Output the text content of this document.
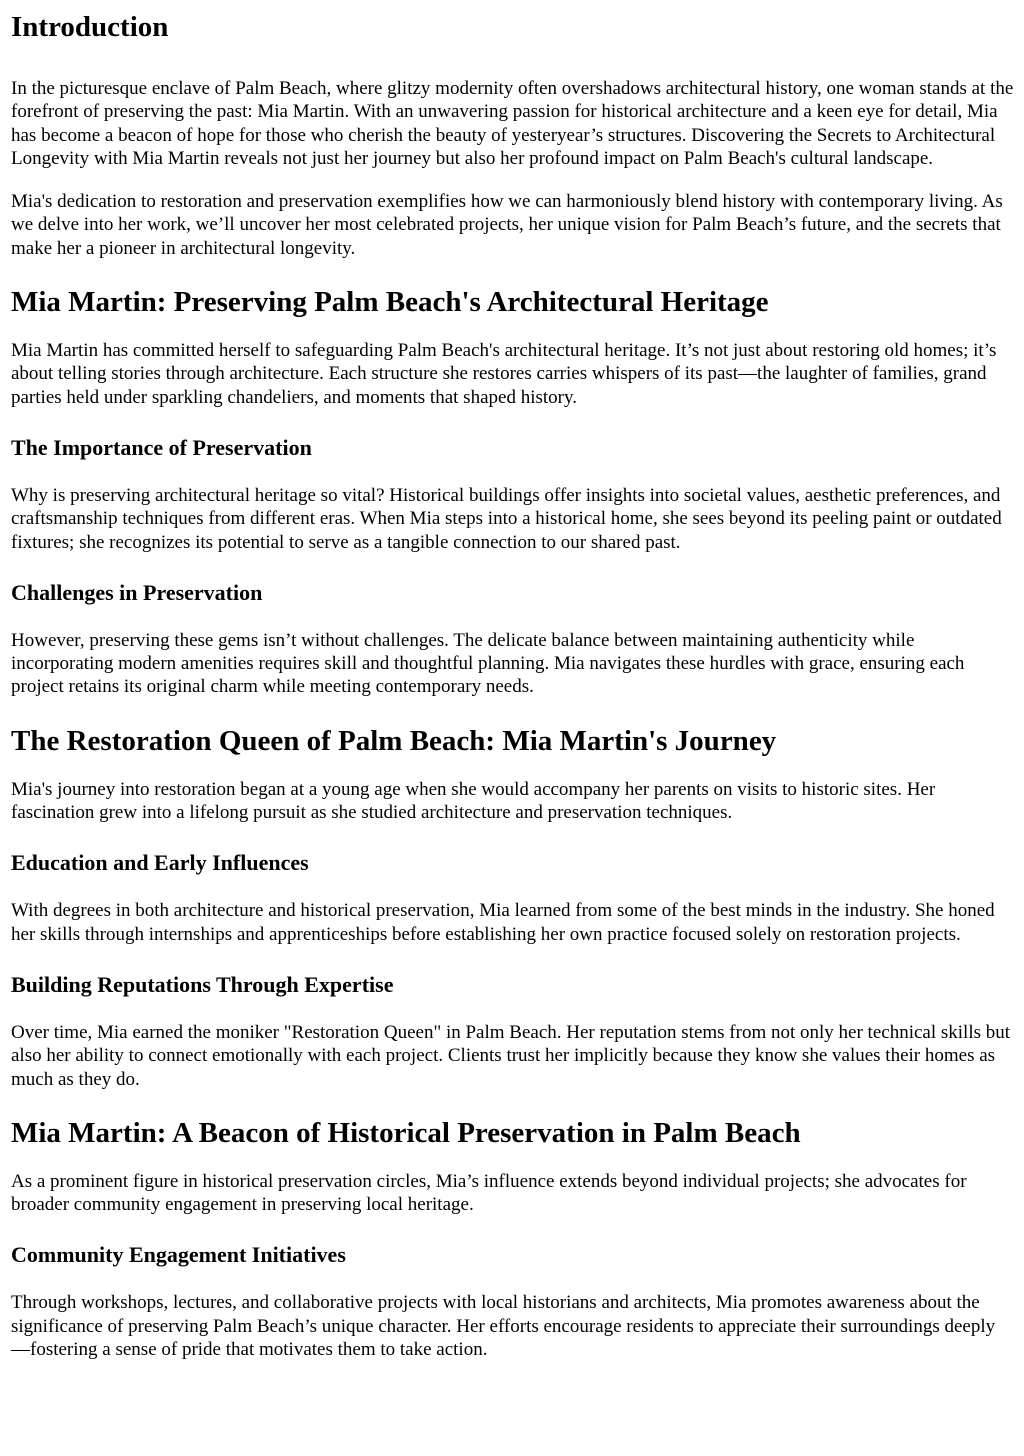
Introduction

In the picturesque enclave of Palm Beach, where glitzy modernity often overshadows architectural history, one woman stands at the forefront of preserving the past: Mia Martin. With an unwavering passion for historical architecture and a keen eye for detail, Mia has become a beacon of hope for those who cherish the beauty of yesteryear’s structures. Discovering the Secrets to Architectural Longevity with Mia Martin reveals not just her journey but also her profound impact on Palm Beach's cultural landscape.

Mia's dedication to restoration and preservation exemplifies how we can harmoniously blend history with contemporary living. As we delve into her work, we’ll uncover her most celebrated projects, her unique vision for Palm Beach’s future, and the secrets that make her a pioneer in architectural longevity.

Mia Martin: Preserving Palm Beach's Architectural Heritage

Mia Martin has committed herself to safeguarding Palm Beach's architectural heritage. It’s not just about restoring old homes; it’s about telling stories through architecture. Each structure she restores carries whispers of its past—the laughter of families, grand parties held under sparkling chandeliers, and moments that shaped history.

The Importance of Preservation

Why is preserving architectural heritage so vital? Historical buildings offer insights into societal values, aesthetic preferences, and craftsmanship techniques from different eras. When Mia steps into a historical home, she sees beyond its peeling paint or outdated fixtures; she recognizes its potential to serve as a tangible connection to our shared past.

Challenges in Preservation

However, preserving these gems isn’t without challenges. The delicate balance between maintaining authenticity while incorporating modern amenities requires skill and thoughtful planning. Mia navigates these hurdles with grace, ensuring each project retains its original charm while meeting contemporary needs.

The Restoration Queen of Palm Beach: Mia Martin's Journey

Mia's journey into restoration began at a young age when she would accompany her parents on visits to historic sites. Her fascination grew into a lifelong pursuit as she studied architecture and preservation techniques.

Education and Early Influences

With degrees in both architecture and historical preservation, Mia learned from some of the best minds in the industry. She honed her skills through internships and apprenticeships before establishing her own practice focused solely on restoration projects.

Building Reputations Through Expertise

Over time, Mia earned the moniker "Restoration Queen" in Palm Beach. Her reputation stems from not only her technical skills but also her ability to connect emotionally with each project. Clients trust her implicitly because they know she values their homes as much as they do.

Mia Martin: A Beacon of Historical Preservation in Palm Beach

As a prominent figure in historical preservation circles, Mia’s influence extends beyond individual projects; she advocates for broader community engagement in preserving local heritage.

Community Engagement Initiatives

Through workshops, lectures, and collaborative projects with local historians and architects, Mia promotes awareness about the significance of preserving Palm Beach’s unique character. Her efforts encourage residents to appreciate their surroundings deeply—fostering a sense of pride that motivates them to take action.
